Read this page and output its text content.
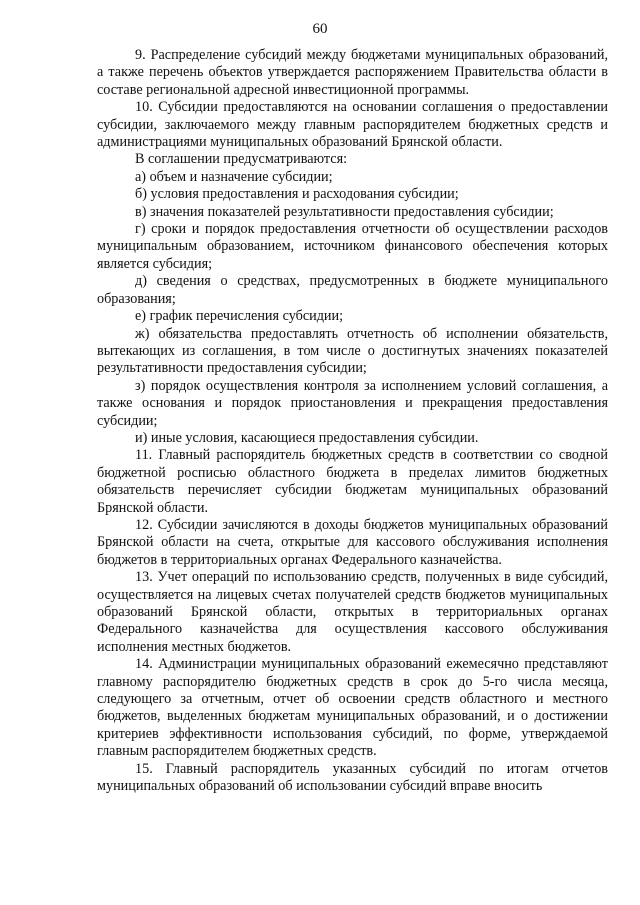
60

9. Распределение субсидий между бюджетами муниципальных образований, а также перечень объектов утверждается распоряжением Правительства области в составе региональной адресной инвестиционной программы.

10. Субсидии предоставляются на основании соглашения о предоставлении субсидии, заключаемого между главным распорядителем бюджетных средств и администрациями муниципальных образований Брянской области.

В соглашении предусматриваются:

а) объем и назначение субсидии;

б) условия предоставления и расходования субсидии;

в) значения показателей результативности предоставления субсидии;

г) сроки и порядок предоставления отчетности об осуществлении расходов муниципальным образованием, источником финансового обеспечения которых является субсидия;

д) сведения о средствах, предусмотренных в бюджете муниципального образования;

е) график перечисления субсидии;

ж) обязательства предоставлять отчетность об исполнении обязательств, вытекающих из соглашения, в том числе о достигнутых значениях показателей результативности предоставления субсидии;

з) порядок осуществления контроля за исполнением условий соглашения, а также основания и порядок приостановления и прекращения предоставления субсидии;

и) иные условия, касающиеся предоставления субсидии.

11. Главный распорядитель бюджетных средств в соответствии со сводной бюджетной росписью областного бюджета в пределах лимитов бюджетных обязательств перечисляет субсидии бюджетам муниципальных образований Брянской области.

12. Субсидии зачисляются в доходы бюджетов муниципальных образований Брянской области на счета, открытые для кассового обслуживания исполнения бюджетов в территориальных органах Федерального казначейства.

13. Учет операций по использованию средств, полученных в виде субсидий, осуществляется на лицевых счетах получателей средств бюджетов муниципальных образований Брянской области, открытых в территориальных органах Федерального казначейства для осуществления кассового обслуживания исполнения местных бюджетов.

14. Администрации муниципальных образований ежемесячно представляют главному распорядителю бюджетных средств в срок до 5-го числа месяца, следующего за отчетным, отчет об освоении средств областного и местного бюджетов, выделенных бюджетам муниципальных образований, и о достижении критериев эффективности использования субсидий, по форме, утверждаемой главным распорядителем бюджетных средств.

15. Главный распорядитель указанных субсидий по итогам отчетов муниципальных образований об использовании субсидий вправе вносить
